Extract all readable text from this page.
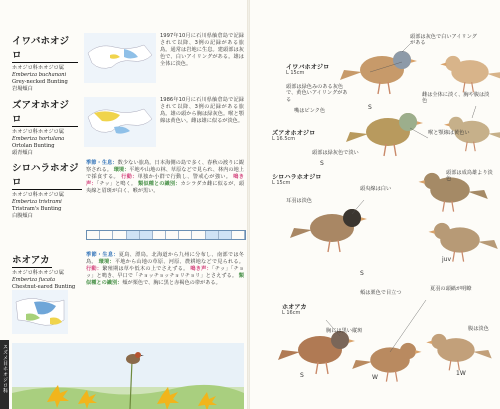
スズメ目ホオジロ科
イワバホオジロ
ホオジロ科ホオジロ属
Emberiza buchanani
Grey-necked Bunting
岩場頰白
1997年10月に石川県舳倉島で記録されて以降、3例の記録がある旅鳥。通常は岩地に生息。建頭部は灰色で、白いアイリングがある。雄は全体に淡色。
ズアオホオジロ
ホオジロ科ホオジロ属
Emberiza hortulana
Ortolan Bunting
頭青頰白
1986年10月に石川県舳倉島で記録されて以降、3例の記録がある旅鳥。雄の頭から胸は緑灰色。喉と顎線は黄色い。雌は雄に似るが淡色。
シロハラホオジロ
ホオジロ科ホオジロ属
Emberiza tristrami
Tristram's Bunting
白腹頰白
季節・生息：数少ない旅鳥。日本海側の島で多く、春秋の渡りに観察される。 環境：平地や山地の林、草原などで見られ、林内の地上で採食する。 行動：単独か小群で行動し、警戒心が強い。 鳴き声：「チッ」と鳴く。 類似種との識別：カシラダカ雌に似るが、頭央線と眉斑が白く、喉が黒い。
ホオアカ
ホオジロ科ホオジロ属
Emberiza fucata
Chestnut-eared Bunting
季節・生息：夏鳥、漂鳥。北海道から九州に分布し、南部では冬鳥。 環境：平地から山地の草原、河原、農耕地などで見られる。 行動：繁殖期は草や低木の上でさえずる。 鳴き声：「チッ」「チョッ」と鳴き、早口で「チョッチョッチョリチョリ」とさえずる。 類似種との識別：頰が栗色で、胸に黒と赤褐色の帯がある。
イワバホオジロ
L 15cm
ズアオホオジロ
L 16.5cm
シロハラホオジロ
L 15cm
ホオアカ
L 16cm
頭部は灰色で白いアイリングがある
頭部は緑色みのある灰色で、黄色いアイリングがある
嘴はピンク色
雌は全体に淡く、胸や腹は淡色
喉と顎線は黄色い
頭部は緑灰色で淡い
頭部は成鳥雄より淡色
頭央線は白い
耳羽は淡色
頰は栗色で目立つ
夏羽の頭縞が明瞭
胸には黒い縦斑	腹は淡色
S
S
S
juv
S	W
1W
